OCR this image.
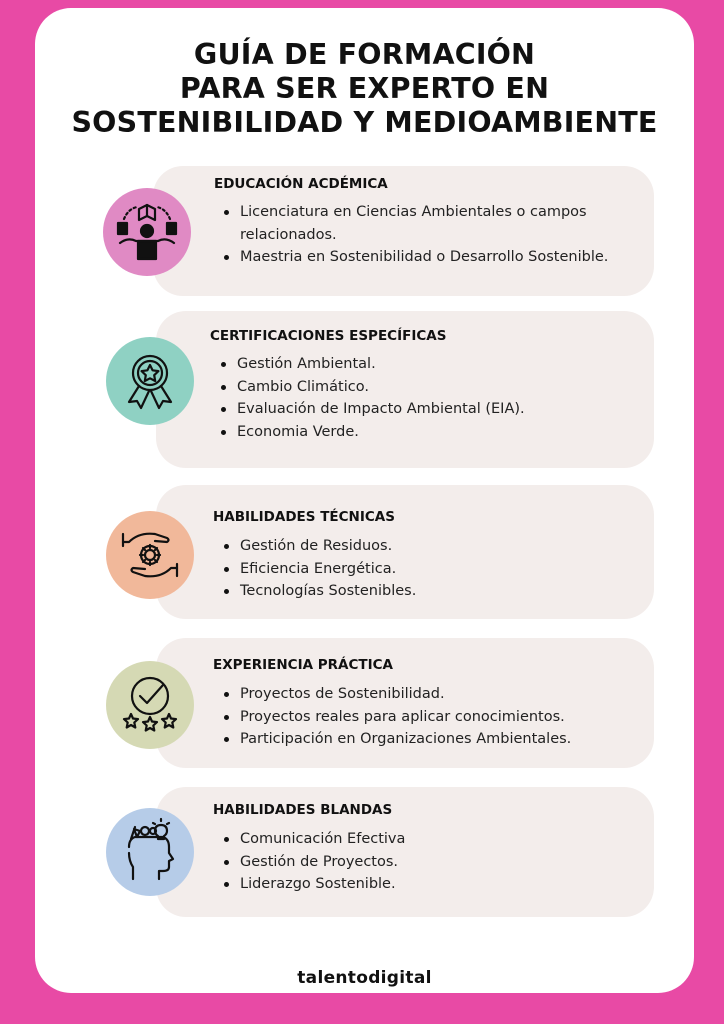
GUÍA DE FORMACIÓN
PARA SER EXPERTO EN
SOSTENIBILIDAD Y MEDIOAMBIENTE
EDUCACIÓN ACDÉMICA
Licenciatura en Ciencias Ambientales o campos relacionados.
Maestria en Sostenibilidad o Desarrollo Sostenible.
CERTIFICACIONES ESPECÍFICAS
Gestión Ambiental.
Cambio Climático.
Evaluación de Impacto Ambiental (EIA).
Economia Verde.
HABILIDADES TÉCNICAS
Gestión de Residuos.
Eficiencia Energética.
Tecnologías Sostenibles.
EXPERIENCIA PRÁCTICA
Proyectos de Sostenibilidad.
Proyectos reales para aplicar conocimientos.
Participación en Organizaciones Ambientales.
HABILIDADES BLANDAS
Comunicación Efectiva
Gestión de Proyectos.
Liderazgo Sostenible.
talentodigital
